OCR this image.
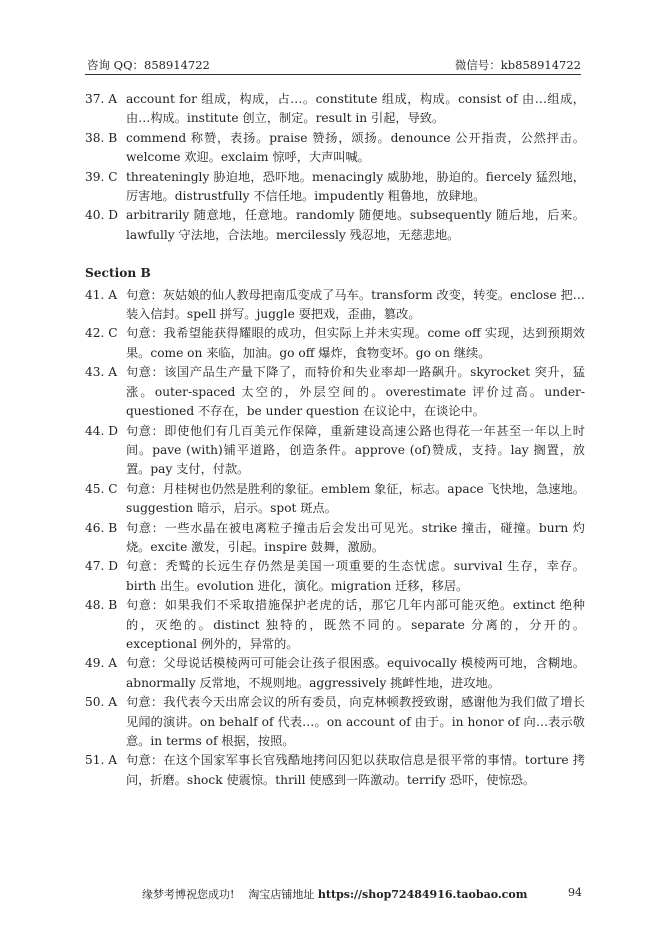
·
咨询 QQ：858914722	微信号：kb858914722
37. A account for 组成，构成，占…。constitute 组成，构成。consist of 由…组成，由…构成。institute 创立，制定。result in 引起，导致。
38. B commend 称赞，表扬。praise 赞扬，颂扬。denounce 公开指责，公然抨击。welcome 欢迎。exclaim 惊呼，大声叫喊。
39. C threateningly 胁迫地，恐吓地。menacingly 威胁地，胁迫的。fiercely 猛烈地，厉害地。distrustfully 不信任地。impudently 粗鲁地，放肆地。
40. D arbitrarily 随意地，任意地。randomly 随便地。subsequently 随后地，后来。lawfully 守法地，合法地。mercilessly 残忍地，无慈悲地。
Section B
41. A 句意：灰姑娘的仙人教母把南瓜变成了马车。transform 改变，转变。enclose 把…装入信封。spell 拼写。juggle 耍把戏，歪曲，篡改。
42. C 句意：我希望能获得耀眼的成功，但实际上并未实现。come off 实现，达到预期效果。come on 来临，加油。go off 爆炸，食物变坏。go on 继续。
43. A 句意：该国产品生产量下降了，而特价和失业率却一路飙升。skyrocket 突升，猛涨。outer-spaced 太空的，外层空间的。overestimate 评价过高。under-questioned 不存在，be under question 在议论中，在谈论中。
44. D 句意：即使他们有几百美元作保障，重新建设高速公路也得花一年甚至一年以上时间。pave (with)铺平道路，创造条件。approve (of)赞成，支持。lay 搁置，放置。pay 支付，付款。
45. C 句意：月桂树也仍然是胜利的象征。emblem 象征，标志。apace 飞快地，急速地。suggestion 暗示，启示。spot 斑点。
46. B 句意：一些水晶在被电离粒子撞击后会发出可见光。strike 撞击，碰撞。burn 灼烧。excite 激发，引起。inspire 鼓舞，激励。
47. D 句意：秃鹫的长远生存仍然是美国一项重要的生态忧虑。survival 生存，幸存。birth 出生。evolution 进化，演化。migration 迁移，移居。
48. B 句意：如果我们不采取措施保护老虎的话，那它几年内部可能灭绝。extinct 绝种的，灭绝的。distinct 独特的，既然不同的。separate 分离的，分开的。exceptional 例外的，异常的。
49. A 句意：父母说话模棱两可可能会让孩子很困惑。equivocally 模棱两可地，含糊地。abnormally 反常地，不规则地。aggressively 挑衅性地，进攻地。
50. A 句意：我代表今天出席会议的所有委员，向克林顿教授致谢，感谢他为我们做了增长见闻的演讲。on behalf of 代表…。on account of 由于。in honor of 向…表示敬意。in terms of 根据，按照。
51. A 句意：在这个国家军事长官残酷地拷问囚犯以获取信息是很平常的事情。torture 拷问，折磨。shock 使震惊。thrill 使感到一阵激动。terrify 恐吓，使惊恐。
缘梦考博祝您成功! 淘宝店铺地址 https://shop72484916.taobao.com	94
